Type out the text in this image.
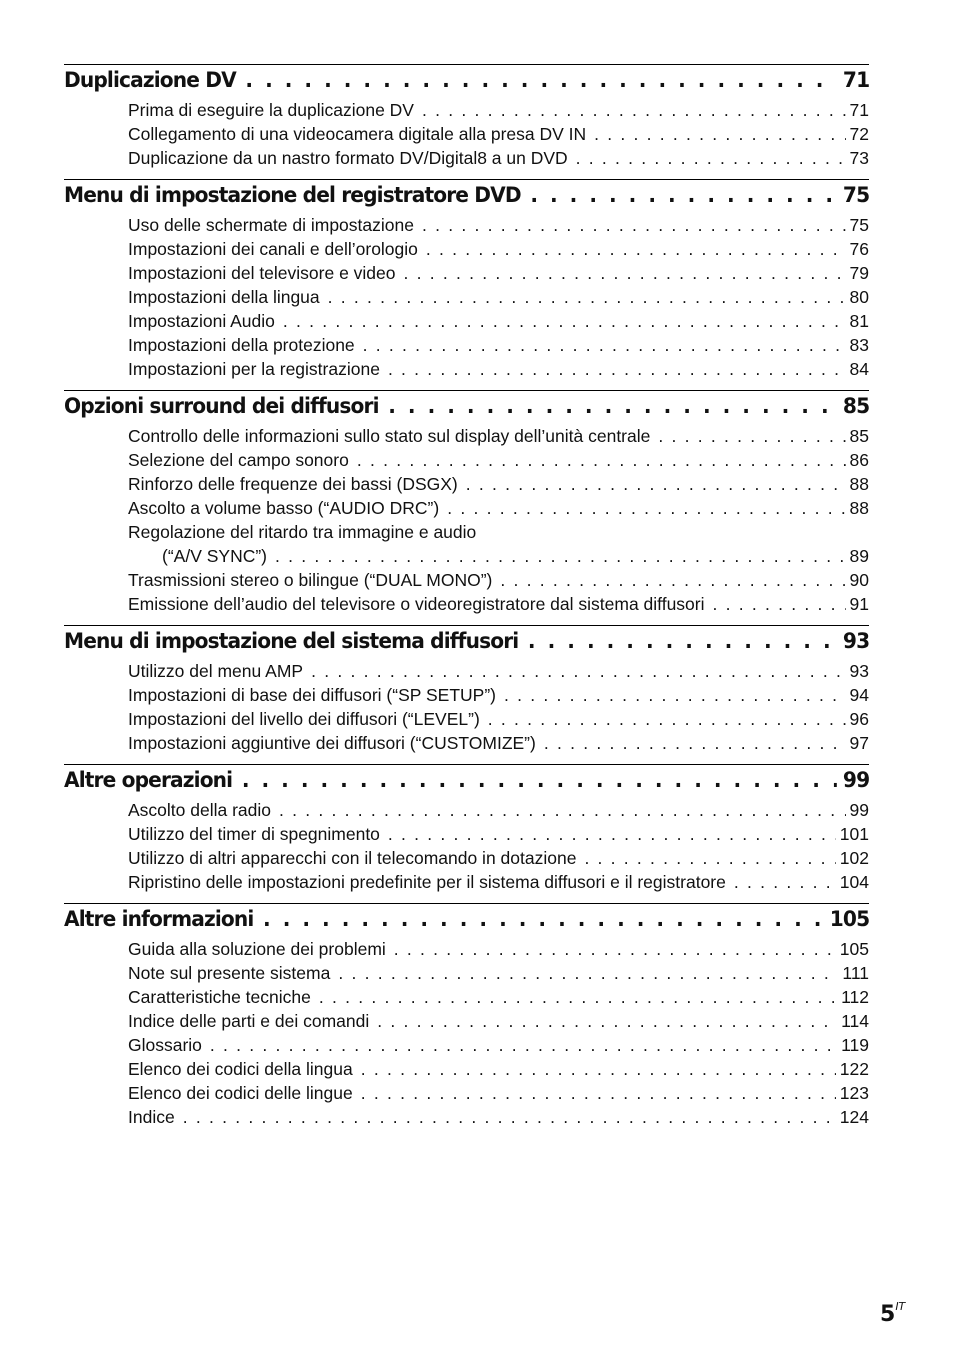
Duplicazione DV . . .	71
Prima di eseguire la duplicazione DV . . .	71
Collegamento di una videocamera digitale alla presa DV IN . . .	72
Duplicazione da un nastro formato DV/Digital8 a un DVD . . .	73
Menu di impostazione del registratore DVD . . .	75
Uso delle schermate di impostazione . . .	75
Impostazioni dei canali e dell’orologio . . .	76
Impostazioni del televisore e video . . .	79
Impostazioni della lingua . . .	80
Impostazioni Audio . . .	81
Impostazioni della protezione . . .	83
Impostazioni per la registrazione . . .	84
Opzioni surround dei diffusori . . .	85
Controllo delle informazioni sullo stato sul display dell’unità centrale . . .	85
Selezione del campo sonoro . . .	86
Rinforzo delle frequenze dei bassi (DSGX) . . .	88
Ascolto a volume basso (“AUDIO DRC”) . . .	88
Regolazione del ritardo tra immagine e audio
(“A/V SYNC”) . . .	89
Trasmissioni stereo o bilingue (“DUAL MONO”) . . .	90
Emissione dell’audio del televisore o videoregistratore dal sistema diffusori . . .	91
Menu di impostazione del sistema diffusori . . .	93
Utilizzo del menu AMP . . .	93
Impostazioni di base dei diffusori (“SP SETUP”) . . .	94
Impostazioni del livello dei diffusori (“LEVEL”) . . .	96
Impostazioni aggiuntive dei diffusori (“CUSTOMIZE”) . . .	97
Altre operazioni . . .	99
Ascolto della radio . . .	99
Utilizzo del timer di spegnimento . . .	101
Utilizzo di altri apparecchi con il telecomando in dotazione . . .	102
Ripristino delle impostazioni predefinite per il sistema diffusori e il registratore . . .	104
Altre informazioni . . .	105
Guida alla soluzione dei problemi . . .	105
Note sul presente sistema . . .	111
Caratteristiche tecniche . . .	112
Indice delle parti e dei comandi . . .	114
Glossario . . .	119
Elenco dei codici della lingua . . .	122
Elenco dei codici delle lingue . . .	123
Indice . . .	124
$5^{IT}$
